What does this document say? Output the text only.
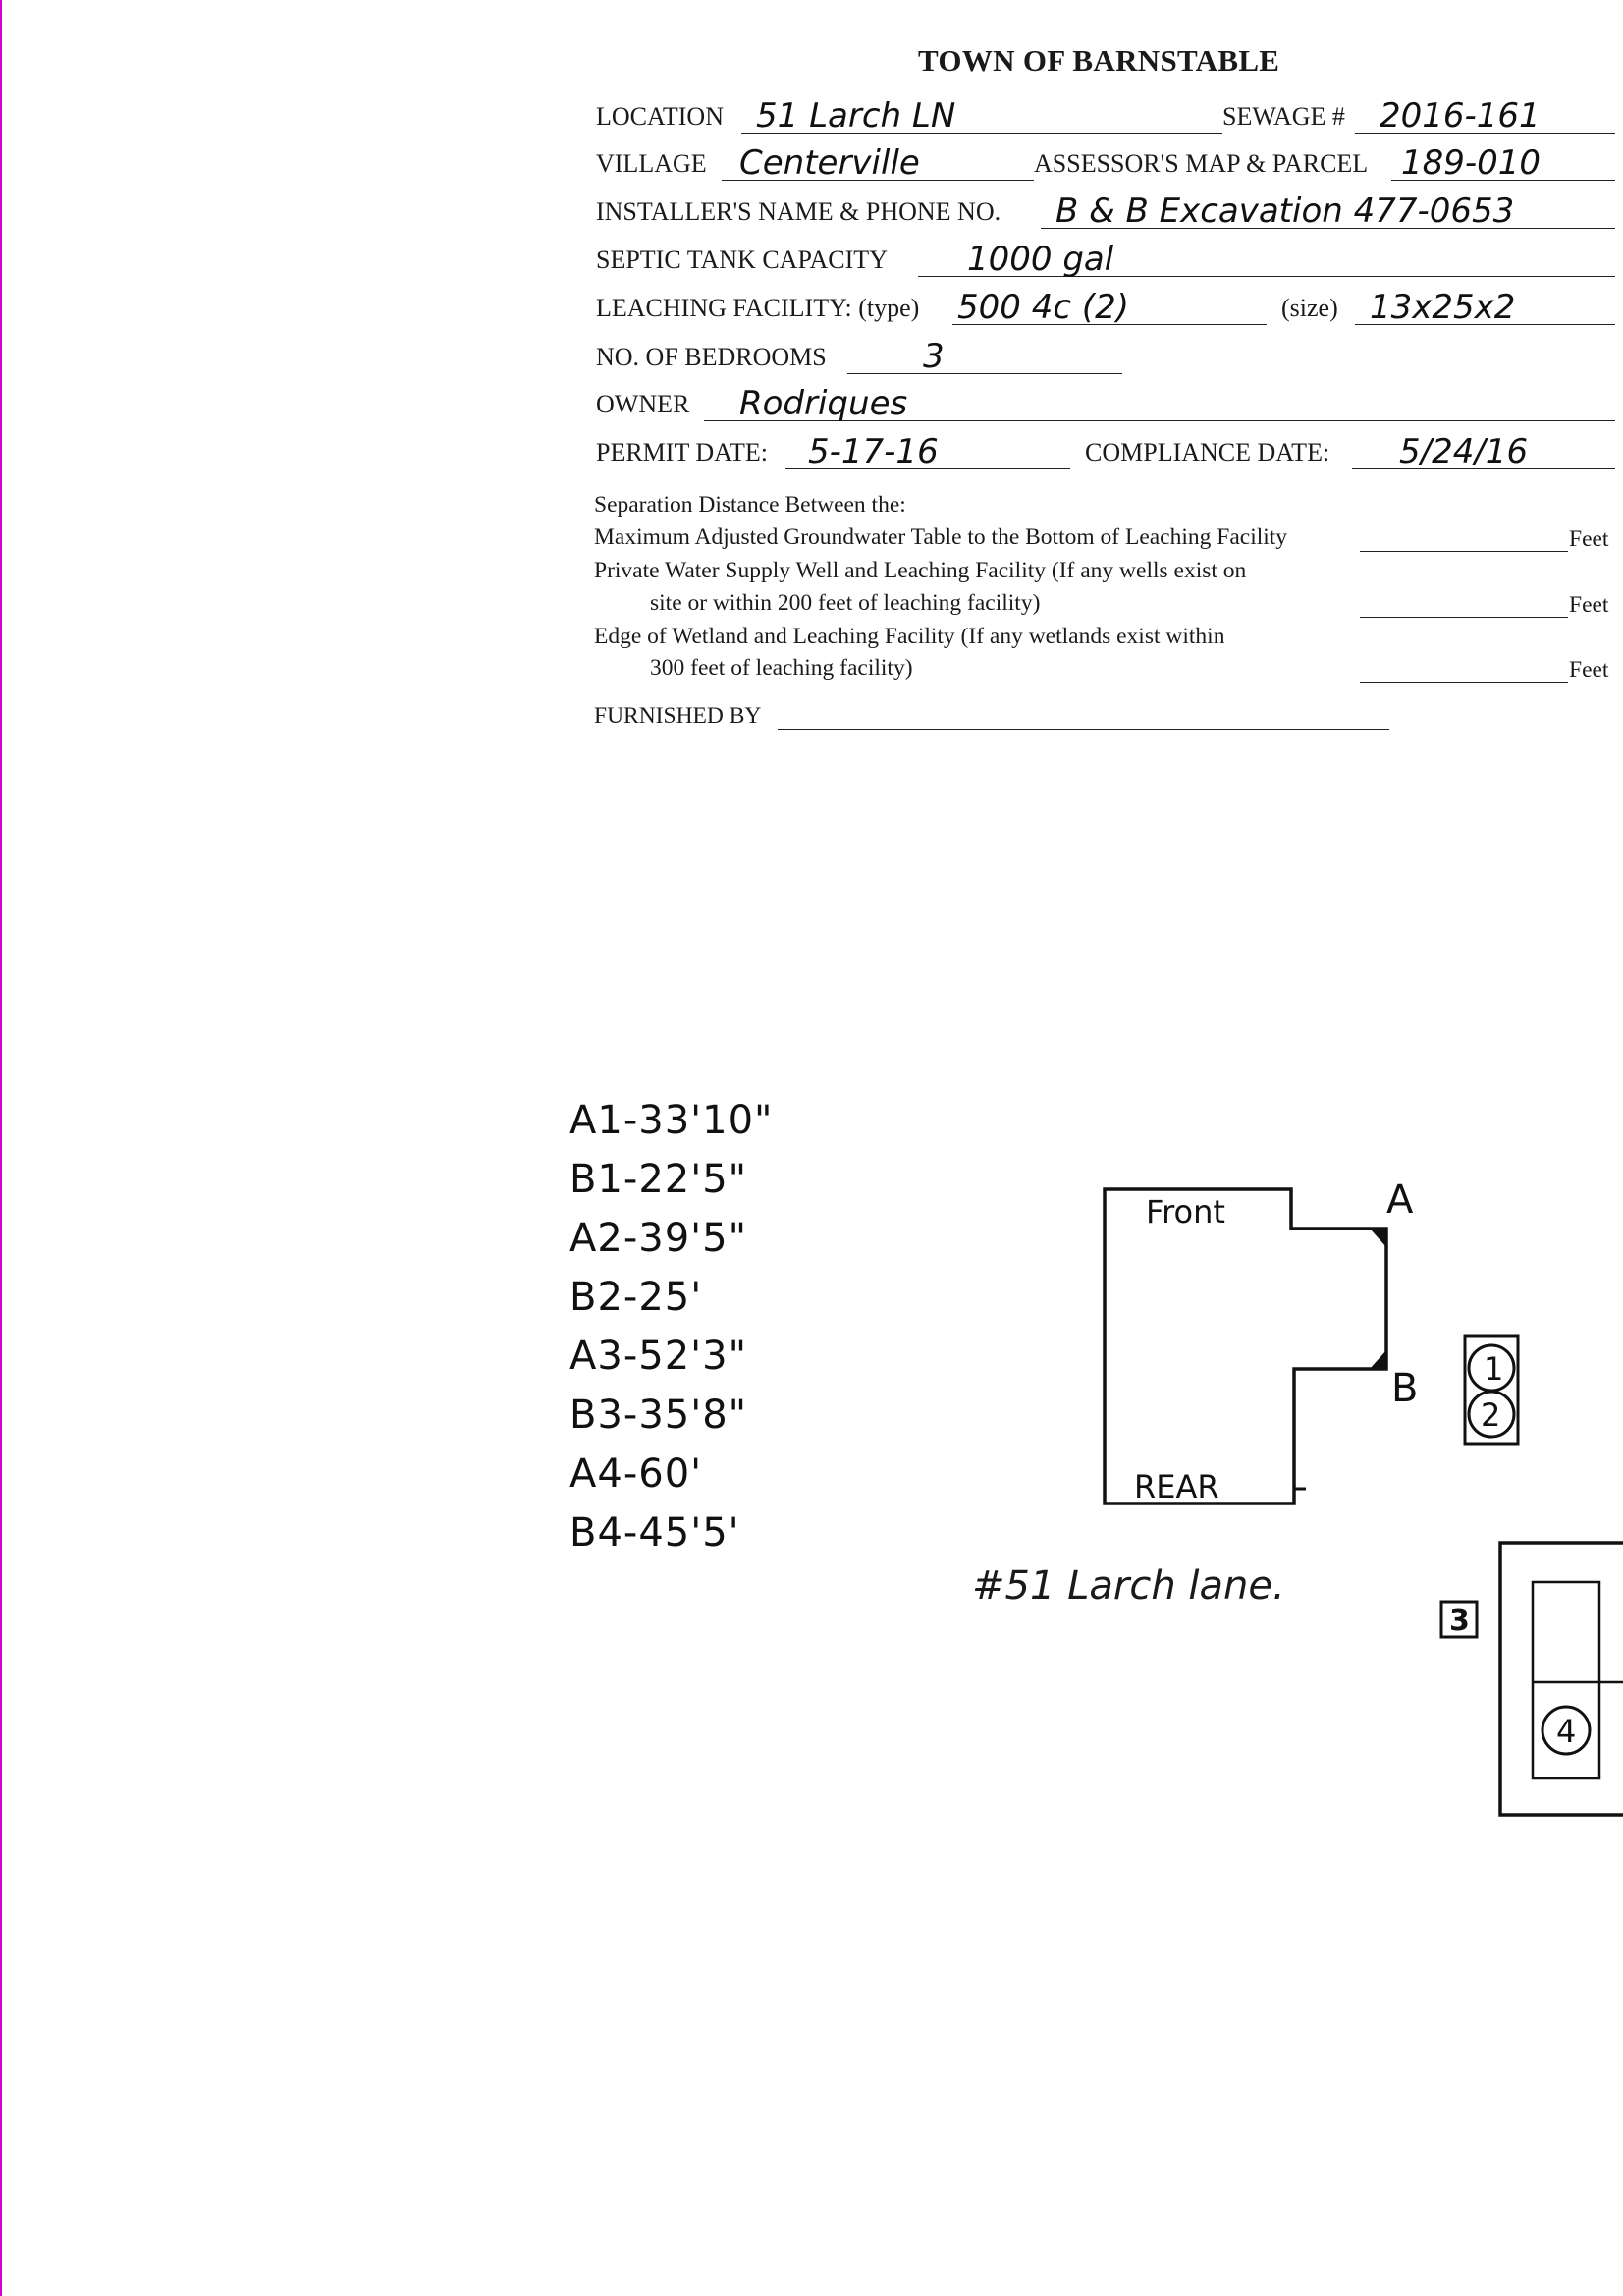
TOWN OF BARNSTABLE
LOCATION 51 Larch LN	SEWAGE # 2016-161
VILLAGE Centerville	ASSESSOR'S MAP & PARCEL 189-010
INSTALLER'S NAME & PHONE NO. B & B Excavation 477-0653
SEPTIC TANK CAPACITY 1000 gal
LEACHING FACILITY: (type) 500 4c (2)	(size) 13x25x2
NO. OF BEDROOMS	3
OWNER Rodriques
PERMIT DATE: 5-17-16	COMPLIANCE DATE: 5/24/16
Separation Distance Between the:
Maximum Adjusted Groundwater Table to the Bottom of Leaching Facility	Feet
Private Water Supply Well and Leaching Facility (If any wells exist on
site or within 200 feet of leaching facility)	Feet
Edge of Wetland and Leaching Facility (If any wetlands exist within
300 feet of leaching facility)	Feet
FURNISHED BY
A1-33'10"
B1-22'5"
A2-39'5"
B2-25'
A3-52'3"
B3-35'8"
A4-60'
B4-45'5'
Front
REAR
A
B 1
2
3
4
#51 Larch lane.
